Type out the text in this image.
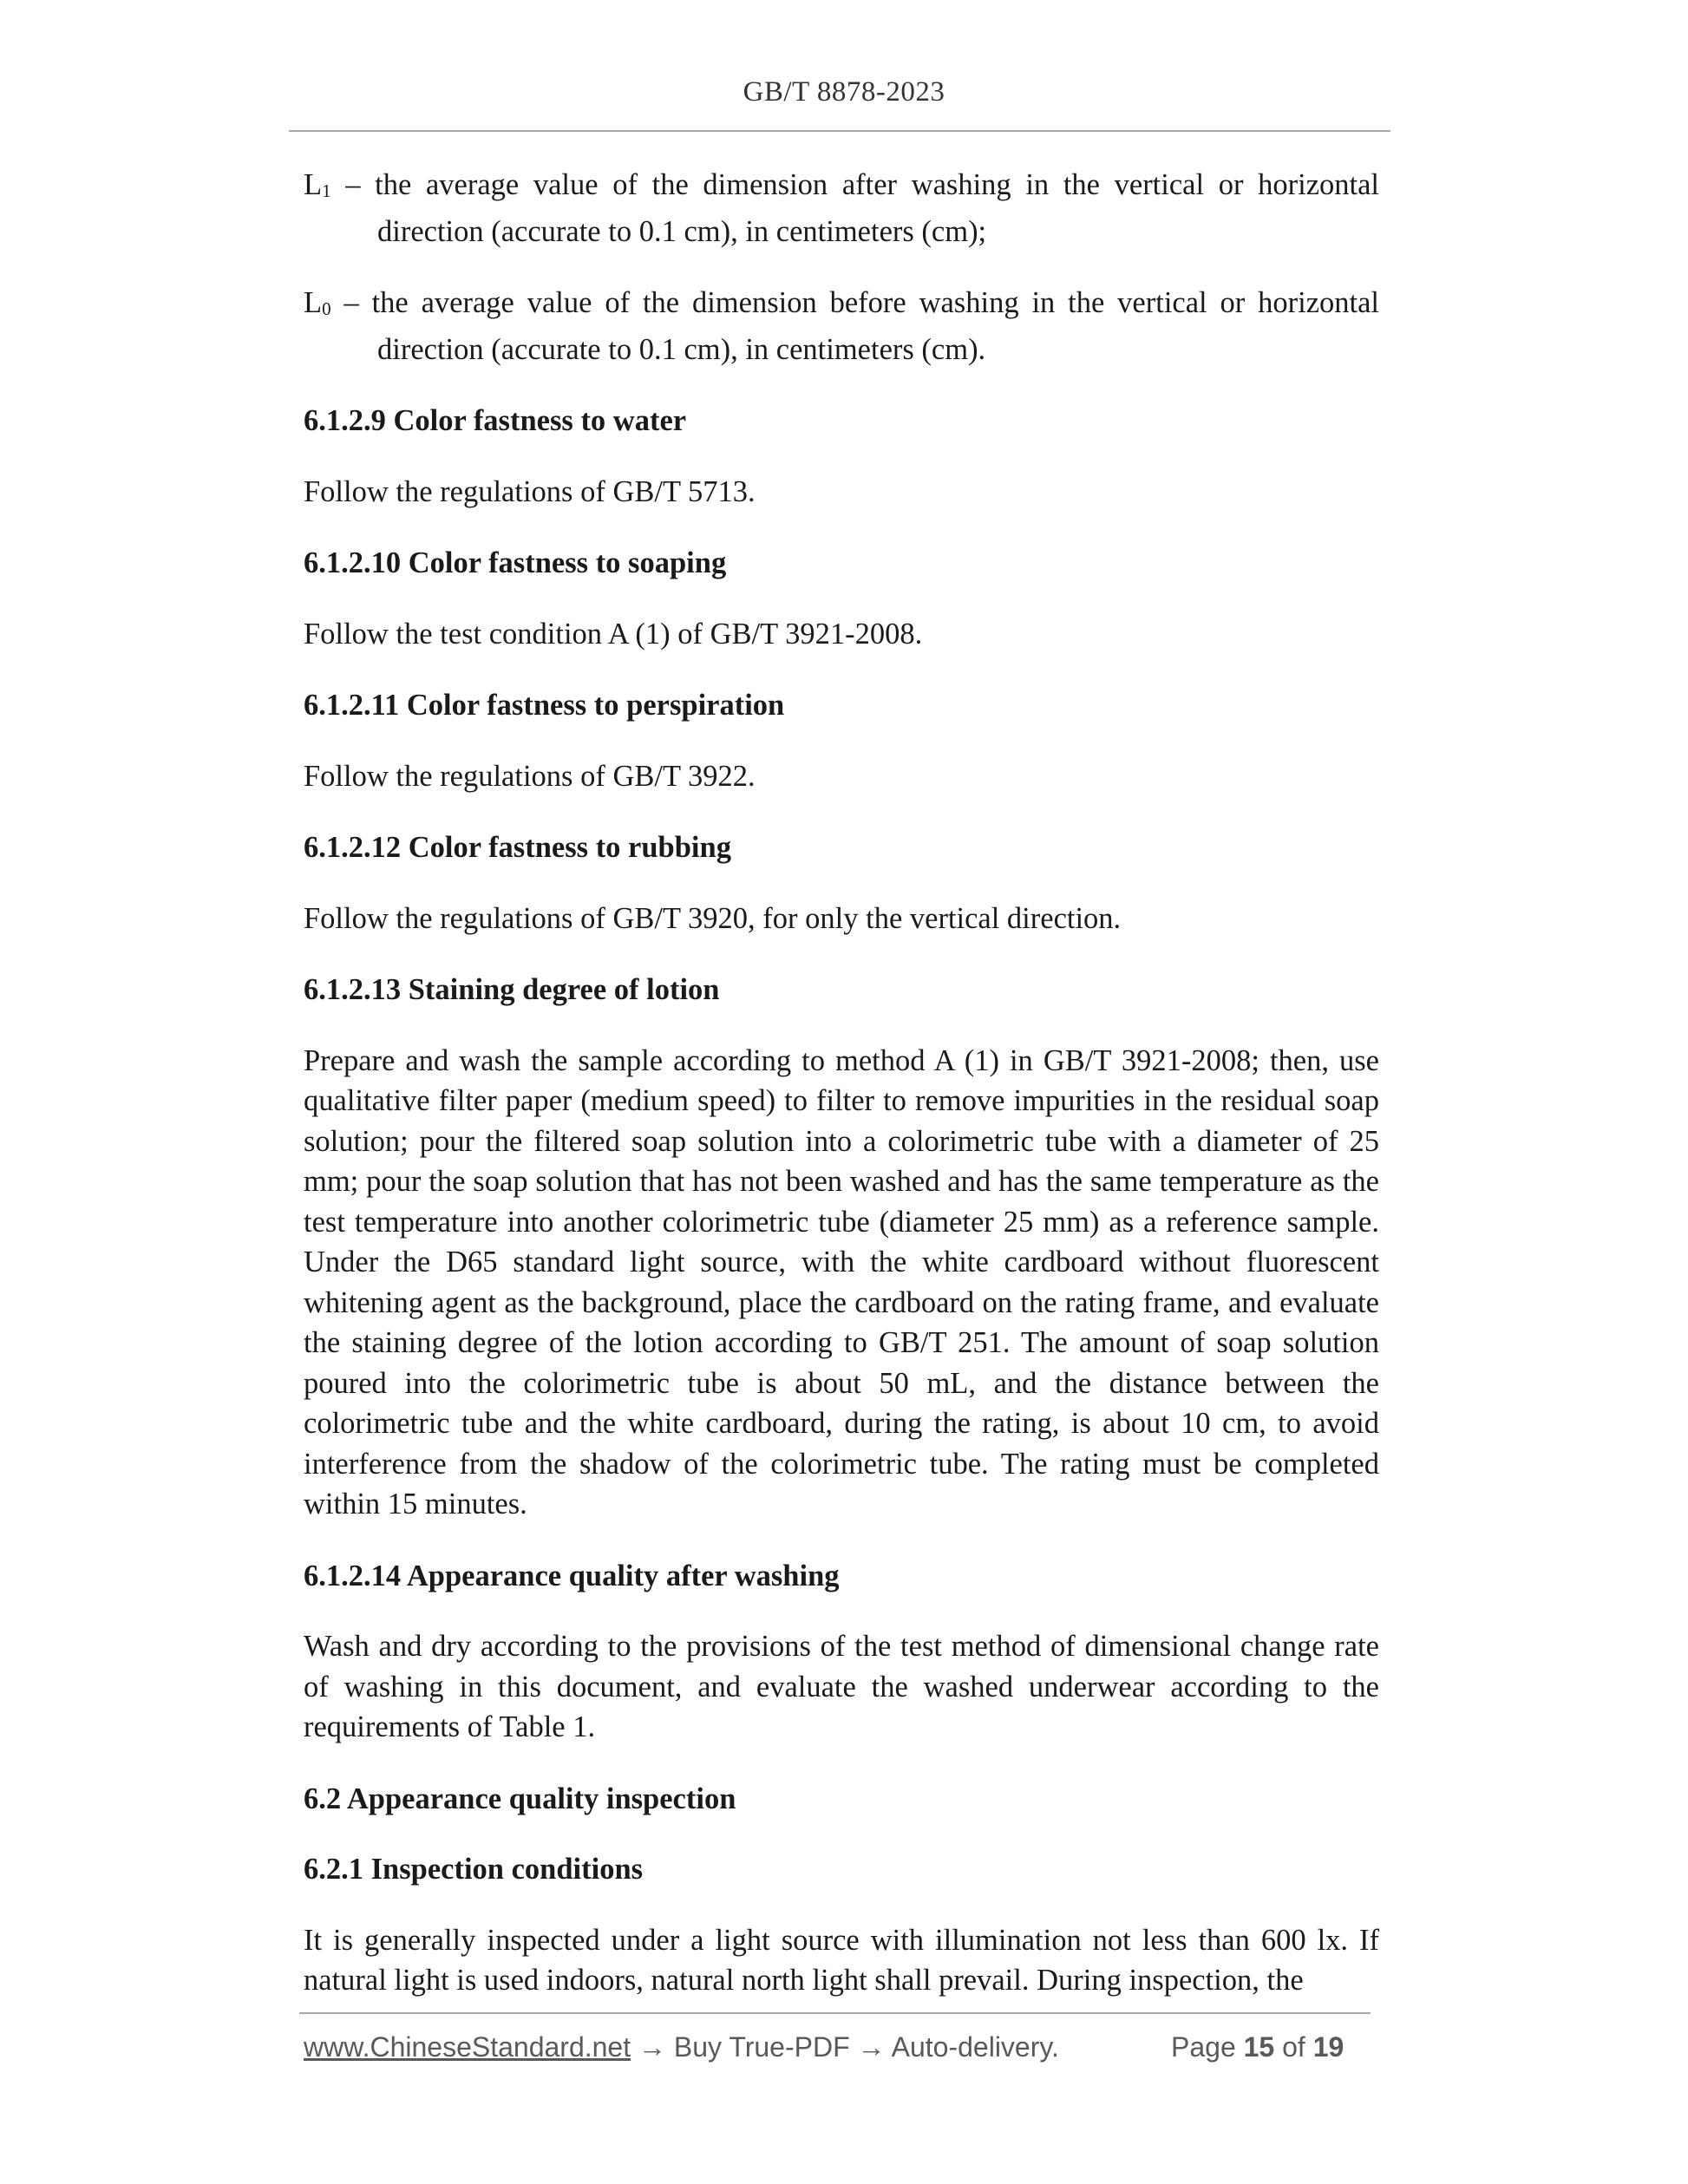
GB/T 8878-2023

$L_1$ – the average value of the dimension after washing in the vertical or horizontal direction (accurate to 0.1 cm), in centimeters (cm);

$L_0$ – the average value of the dimension before washing in the vertical or horizontal direction (accurate to 0.1 cm), in centimeters (cm).

6.1.2.9 Color fastness to water

Follow the regulations of GB/T 5713.

6.1.2.10 Color fastness to soaping

Follow the test condition A (1) of GB/T 3921-2008.

6.1.2.11 Color fastness to perspiration

Follow the regulations of GB/T 3922.

6.1.2.12 Color fastness to rubbing

Follow the regulations of GB/T 3920, for only the vertical direction.

6.1.2.13 Staining degree of lotion

Prepare and wash the sample according to method A (1) in GB/T 3921-2008; then, use qualitative filter paper (medium speed) to filter to remove impurities in the residual soap solution; pour the filtered soap solution into a colorimetric tube with a diameter of 25 mm; pour the soap solution that has not been washed and has the same temperature as the test temperature into another colorimetric tube (diameter 25 mm) as a reference sample. Under the D65 standard light source, with the white cardboard without fluorescent whitening agent as the background, place the cardboard on the rating frame, and evaluate the staining degree of the lotion according to GB/T 251. The amount of soap solution poured into the colorimetric tube is about 50 mL, and the distance between the colorimetric tube and the white cardboard, during the rating, is about 10 cm, to avoid interference from the shadow of the colorimetric tube. The rating must be completed within 15 minutes.

6.1.2.14 Appearance quality after washing

Wash and dry according to the provisions of the test method of dimensional change rate of washing in this document, and evaluate the washed underwear according to the requirements of Table 1.

6.2 Appearance quality inspection

6.2.1 Inspection conditions

It is generally inspected under a light source with illumination not less than 600 lx. If natural light is used indoors, natural north light shall prevail. During inspection, the

www.ChineseStandard.net → Buy True-PDF → Auto-delivery.	Page 15 of 19
